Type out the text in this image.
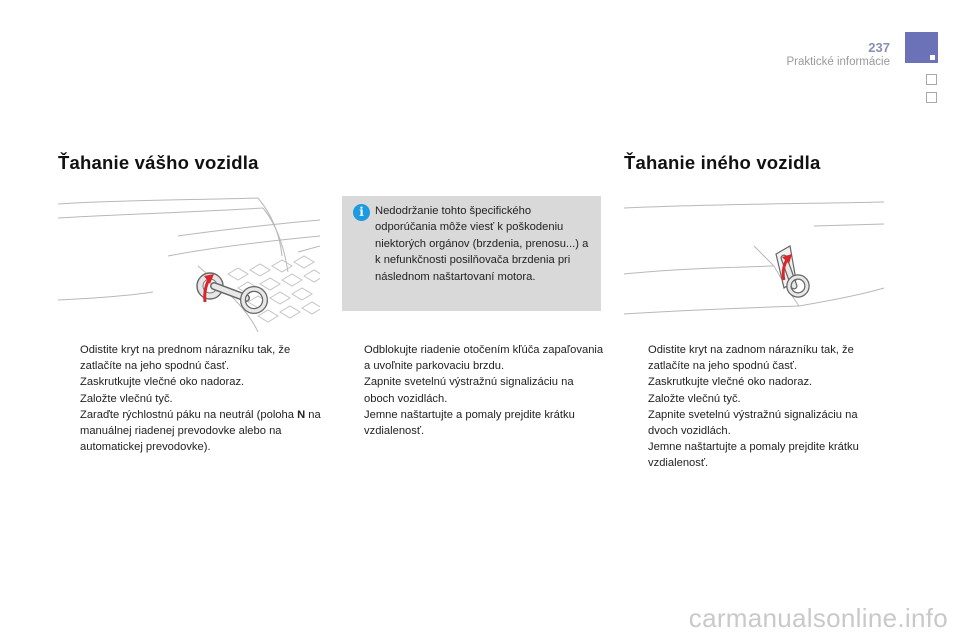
237
Praktické informácie
Ťahanie vášho vozidla	Ťahanie iného vozidla
i	Nedodržanie tohto špecifického odporúčania môže viesť k poškodeniu niektorých orgánov (brzdenia, prenosu...) a k nefunkčnosti posilňovača brzdenia pri následnom naštartovaní motora.
Odistite kryt na prednom nárazníku tak, že zatlačíte na jeho spodnú časť.
Zaskrutkujte vlečné oko nadoraz.
Založte vlečnú tyč.
Zaraďte rýchlostnú páku na neutrál (poloha N na manuálnej riadenej prevodovke alebo na automatickej prevodovke).
Odblokujte riadenie otočením kľúča zapaľovania a uvoľnite parkovaciu brzdu.
Zapnite svetelnú výstražnú signalizáciu na oboch vozidlách.
Jemne naštartujte a pomaly prejdite krátku vzdialenosť.
Odistite kryt na zadnom nárazníku tak, že zatlačíte na jeho spodnú časť.
Zaskrutkujte vlečné oko nadoraz.
Založte vlečnú tyč.
Zapnite svetelnú výstražnú signalizáciu na dvoch vozidlách.
Jemne naštartujte a pomaly prejdite krátku vzdialenosť.
carmanualsonline.info
